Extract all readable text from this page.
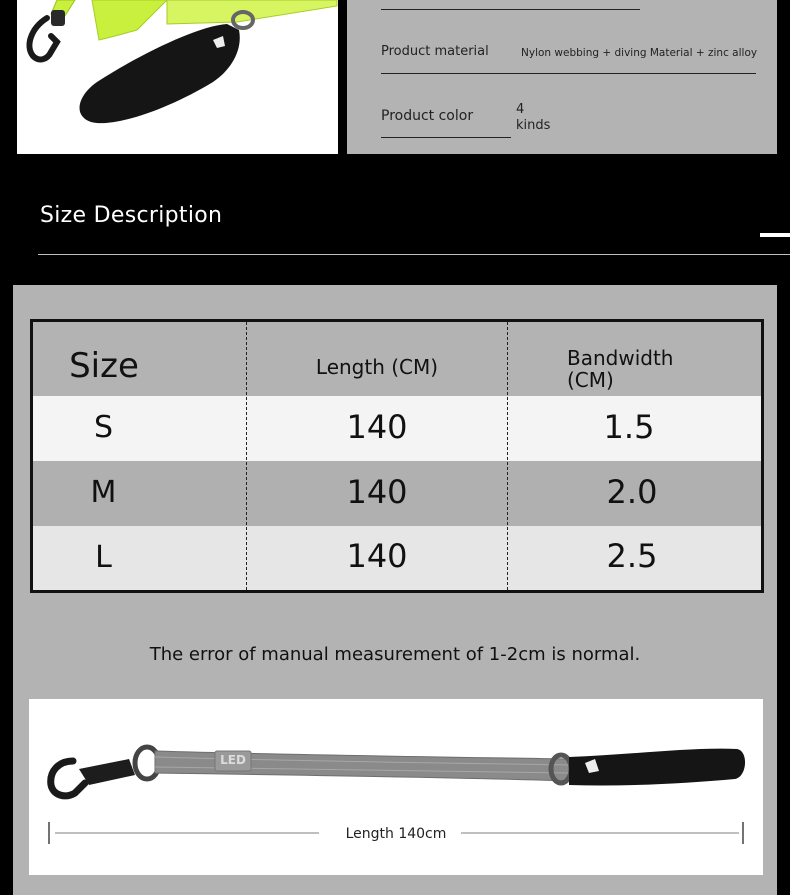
Product material	Nylon webbing + diving Material + zinc alloy
Product color	4
kinds
Size Description
Size	Length (CM)	Bandwidth
(CM)
S	140	1.5
M	140	2.0
L	140	2.5
The error of manual measurement of 1-2cm is normal.
LED
Length 140cm
